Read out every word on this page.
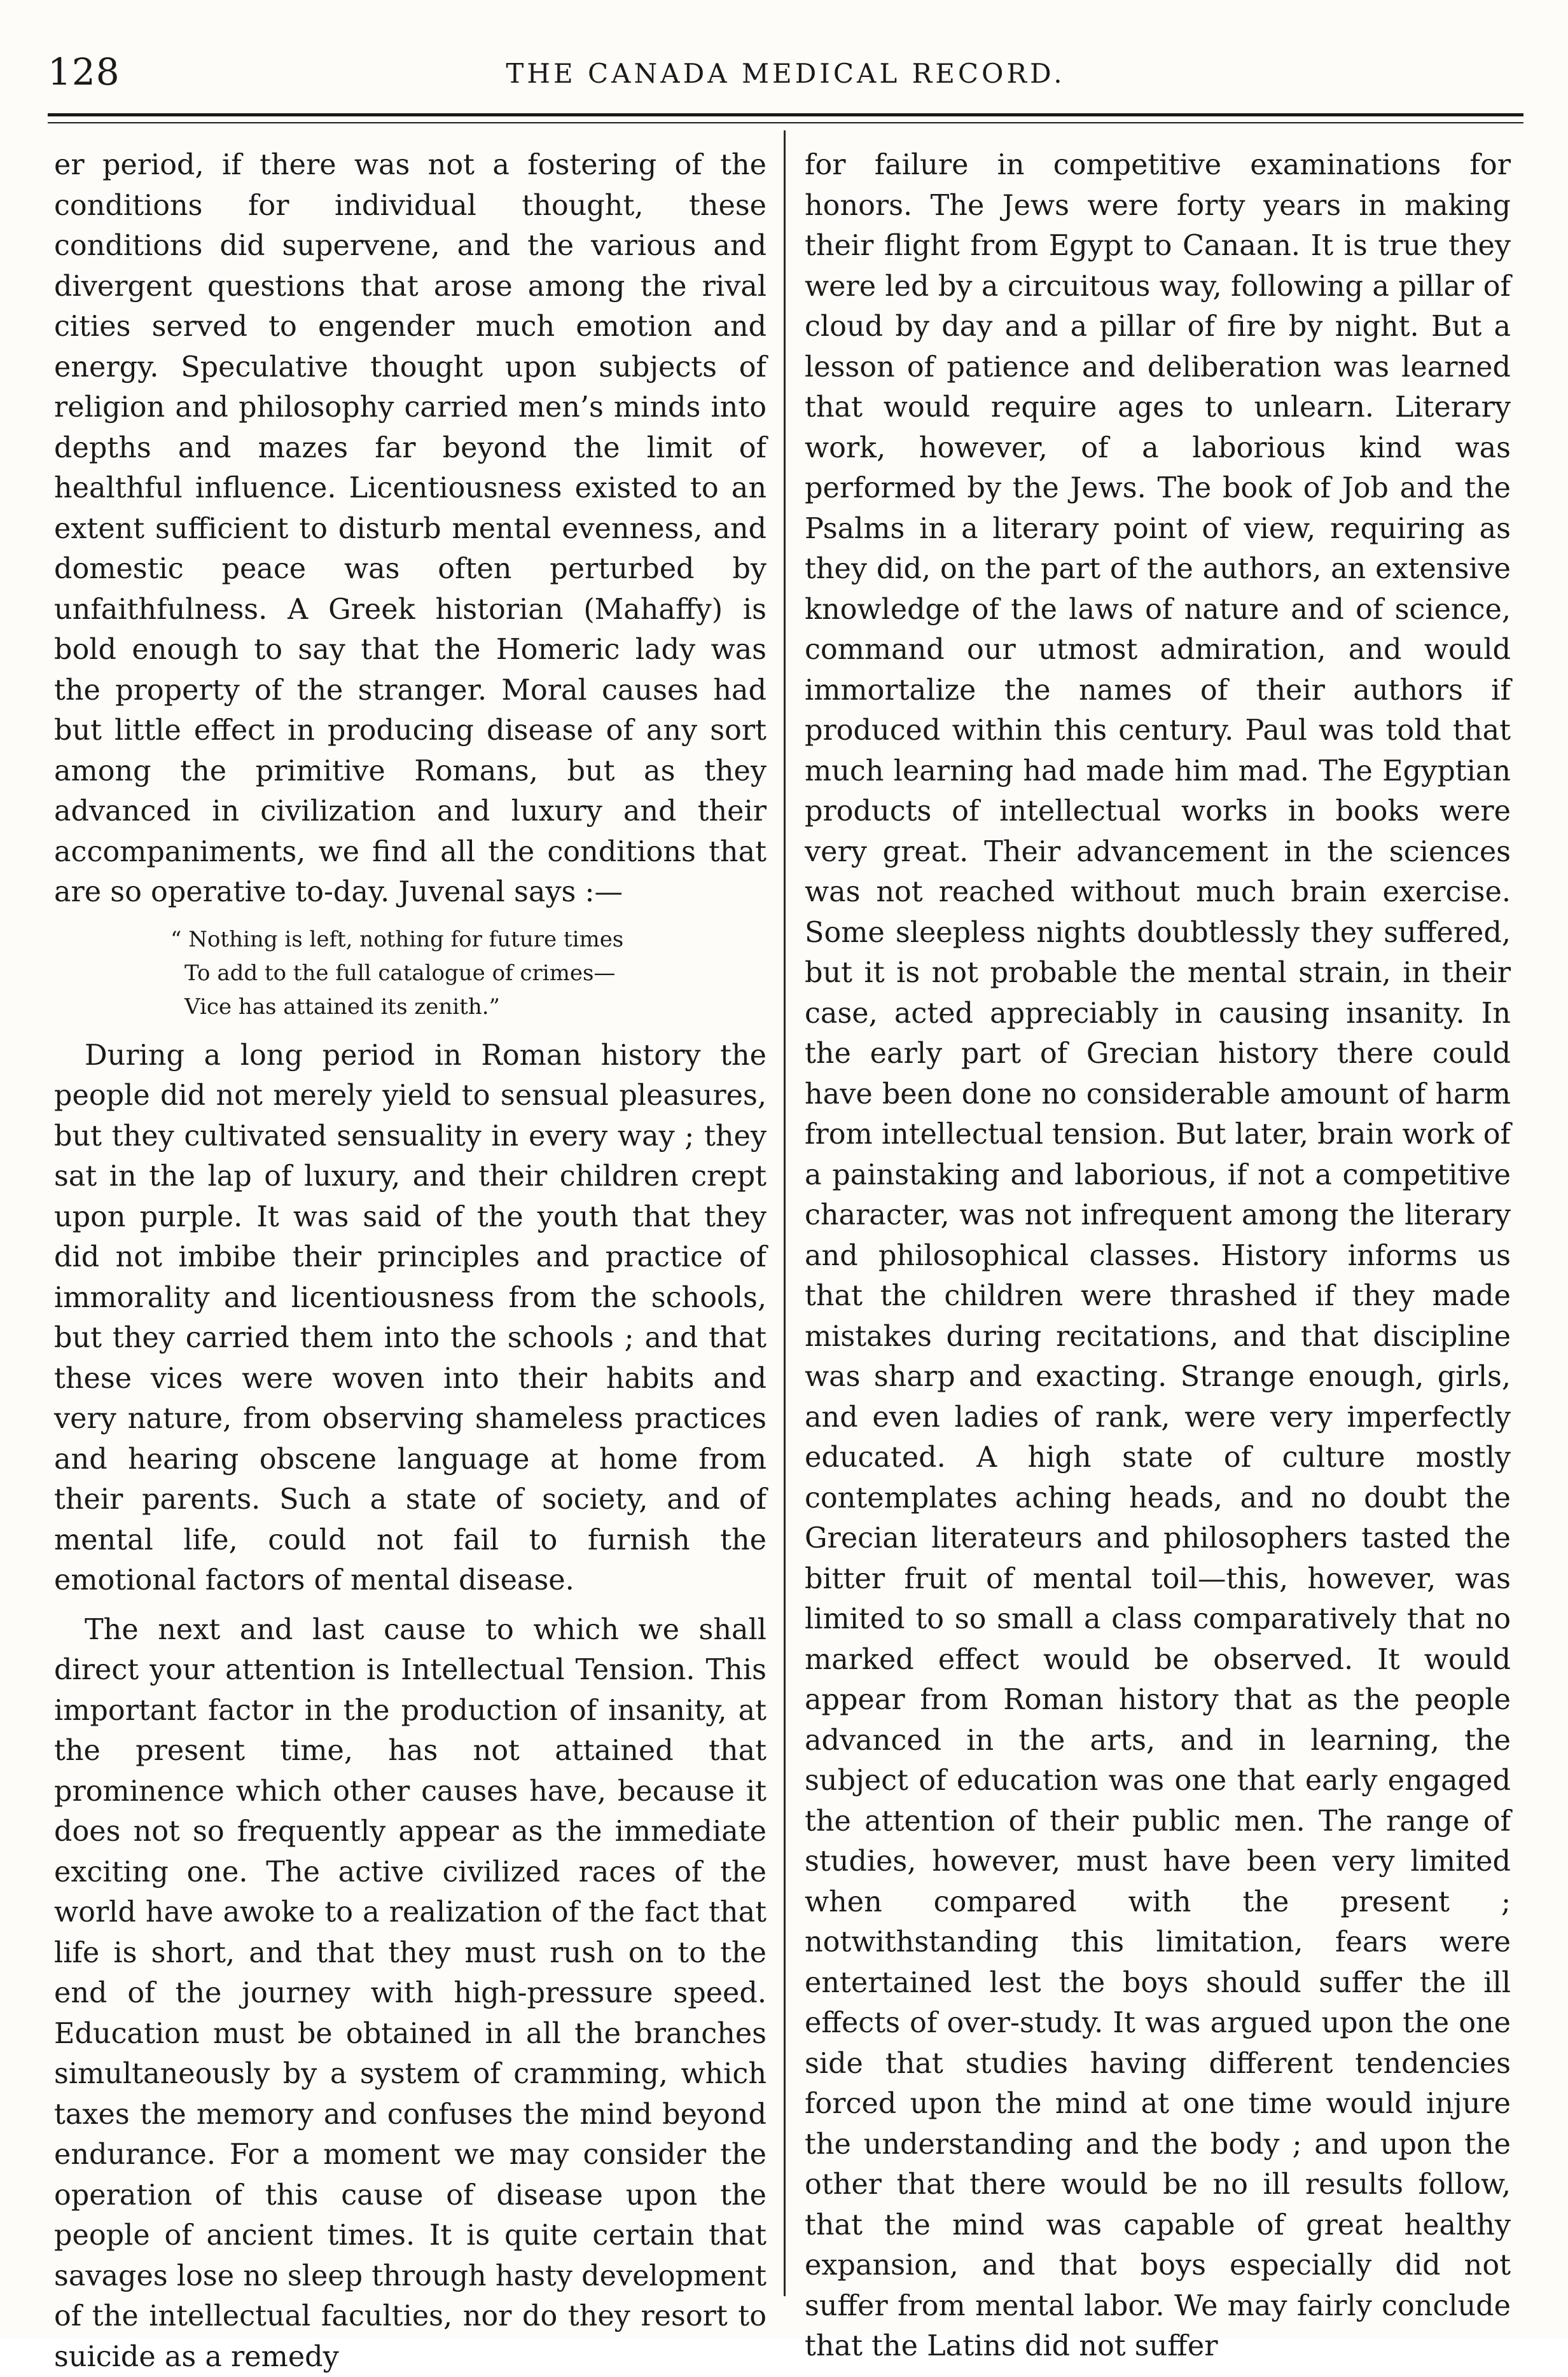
128	THE CANADA MEDICAL RECORD.

er period, if there was not a fostering of the conditions for individual thought, these conditions did supervene, and the various and divergent questions that arose among the rival cities served to engender much emotion and energy. Speculative thought upon subjects of religion and philosophy carried men’s minds into depths and mazes far beyond the limit of healthful influence. Licentiousness existed to an extent sufficient to disturb mental evenness, and domestic peace was often perturbed by unfaithfulness. A Greek historian (Mahaffy) is bold enough to say that the Homeric lady was the property of the stranger. Moral causes had but little effect in producing disease of any sort among the primitive Romans, but as they advanced in civilization and luxury and their accompaniments, we find all the conditions that are so operative to-day. Juvenal says :—

“ Nothing is left, nothing for future times
To add to the full catalogue of crimes—
Vice has attained its zenith.”

During a long period in Roman history the people did not merely yield to sensual pleasures, but they cultivated sensuality in every way ; they sat in the lap of luxury, and their children crept upon purple. It was said of the youth that they did not imbibe their principles and practice of immorality and licentiousness from the schools, but they carried them into the schools ; and that these vices were woven into their habits and very nature, from observing shameless practices and hearing obscene language at home from their parents. Such a state of society, and of mental life, could not fail to furnish the emotional factors of mental disease.

The next and last cause to which we shall direct your attention is Intellectual Tension. This important factor in the production of insanity, at the present time, has not attained that prominence which other causes have, because it does not so frequently appear as the immediate exciting one. The active civilized races of the world have awoke to a realization of the fact that life is short, and that they must rush on to the end of the journey with high-pressure speed. Education must be obtained in all the branches simultaneously by a system of cramming, which taxes the memory and confuses the mind beyond endurance. For a moment we may consider the operation of this cause of disease upon the people of ancient times. It is quite certain that savages lose no sleep through hasty development of the intellectual faculties, nor do they resort to suicide as a remedy

for failure in competitive examinations for honors. The Jews were forty years in making their flight from Egypt to Canaan. It is true they were led by a circuitous way, following a pillar of cloud by day and a pillar of fire by night. But a lesson of patience and deliberation was learned that would require ages to unlearn. Literary work, however, of a laborious kind was performed by the Jews. The book of Job and the Psalms in a literary point of view, requiring as they did, on the part of the authors, an extensive knowledge of the laws of nature and of science, command our utmost admiration, and would immortalize the names of their authors if produced within this century. Paul was told that much learning had made him mad. The Egyptian products of intellectual works in books were very great. Their advancement in the sciences was not reached without much brain exercise. Some sleepless nights doubtlessly they suffered, but it is not probable the mental strain, in their case, acted appreciably in causing insanity. In the early part of Grecian history there could have been done no considerable amount of harm from intellectual tension. But later, brain work of a painstaking and laborious, if not a competitive character, was not infrequent among the literary and philosophical classes. History informs us that the children were thrashed if they made mistakes during recitations, and that discipline was sharp and exacting. Strange enough, girls, and even ladies of rank, were very imperfectly educated. A high state of culture mostly contemplates aching heads, and no doubt the Grecian literateurs and philosophers tasted the bitter fruit of mental toil—this, however, was limited to so small a class comparatively that no marked effect would be observed. It would appear from Roman history that as the people advanced in the arts, and in learning, the subject of education was one that early engaged the attention of their public men. The range of studies, however, must have been very limited when compared with the present ; notwithstanding this limitation, fears were entertained lest the boys should suffer the ill effects of over-study. It was argued upon the one side that studies having different tendencies forced upon the mind at one time would injure the understanding and the body ; and upon the other that there would be no ill results follow, that the mind was capable of great healthy expansion, and that boys especially did not suffer from mental labor. We may fairly conclude that the Latins did not suffer
